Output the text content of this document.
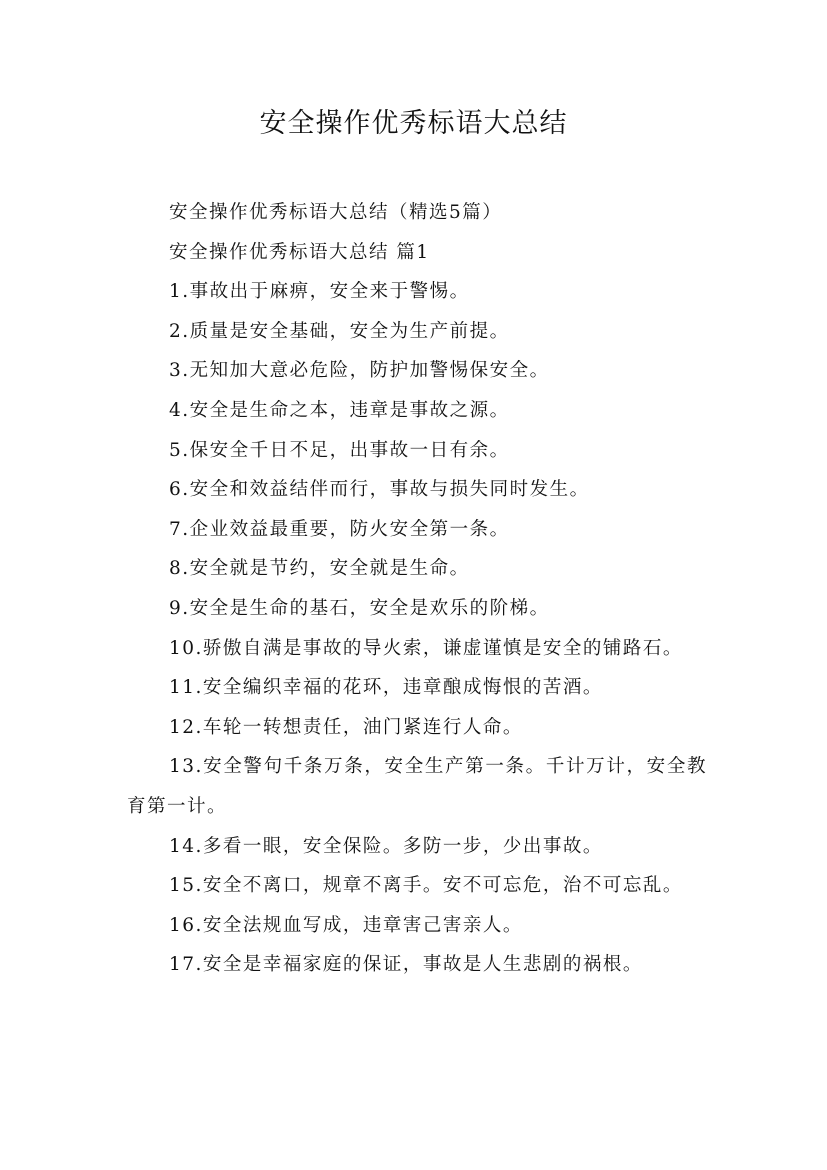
安全操作优秀标语大总结

安全操作优秀标语大总结（精选5篇）

安全操作优秀标语大总结 篇1

1.事故出于麻痹，安全来于警惕。

2.质量是安全基础，安全为生产前提。

3.无知加大意必危险，防护加警惕保安全。

4.安全是生命之本，违章是事故之源。

5.保安全千日不足，出事故一日有余。

6.安全和效益结伴而行，事故与损失同时发生。

7.企业效益最重要，防火安全第一条。

8.安全就是节约，安全就是生命。

9.安全是生命的基石，安全是欢乐的阶梯。

10.骄傲自满是事故的导火索，谦虚谨慎是安全的铺路石。

11.安全编织幸福的花环，违章酿成悔恨的苦酒。

12.车轮一转想责任，油门紧连行人命。

13.安全警句千条万条，安全生产第一条。千计万计，安全教育第一计。

14.多看一眼，安全保险。多防一步，少出事故。

15.安全不离口，规章不离手。安不可忘危，治不可忘乱。

16.安全法规血写成，违章害己害亲人。

17.安全是幸福家庭的保证，事故是人生悲剧的祸根。
